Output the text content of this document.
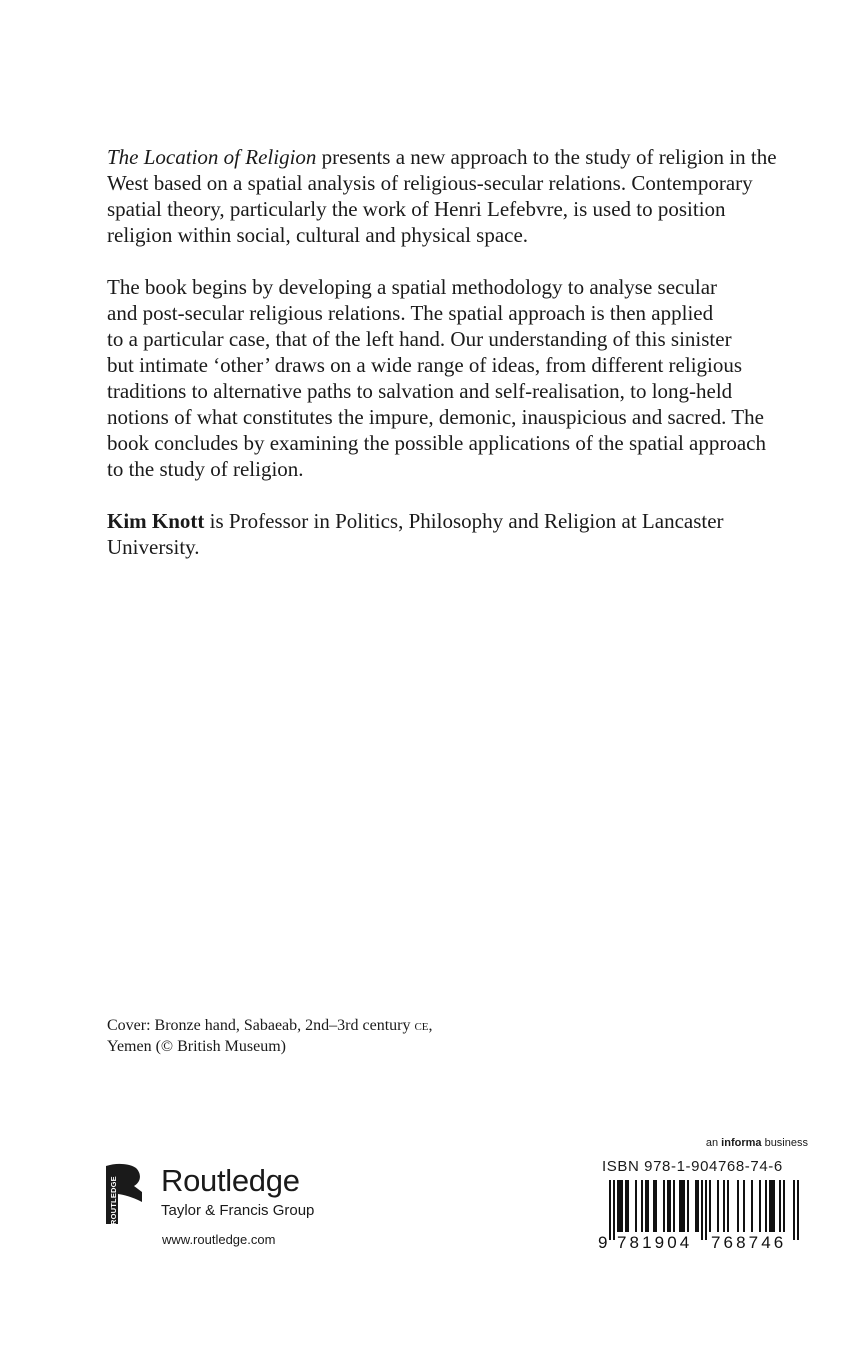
The Location of Religion presents a new approach to the study of religion in the

West based on a spatial analysis of religious-secular relations. Contemporary

spatial theory, particularly the work of Henri Lefebvre, is used to position

religion within social, cultural and physical space.

The book begins by developing a spatial methodology to analyse secular

and post-secular religious relations. The spatial approach is then applied

to a particular case, that of the left hand. Our understanding of this sinister

but intimate ‘other’ draws on a wide range of ideas, from different religious

traditions to alternative paths to salvation and self-realisation, to long-held

notions of what constitutes the impure, demonic, inauspicious and sacred. The

book concludes by examining the possible applications of the spatial approach

to the study of religion.

Kim Knott is Professor in Politics, Philosophy and Religion at Lancaster

University.

Cover: Bronze hand, Sabaeab, 2nd–3rd century ce,
Yemen (© British Museum)
ROUTLEDGE Routledge
Taylor & Francis Group
www.routledge.com
an informa business
ISBN 978-1-904768-74-6
9 781904 768746
